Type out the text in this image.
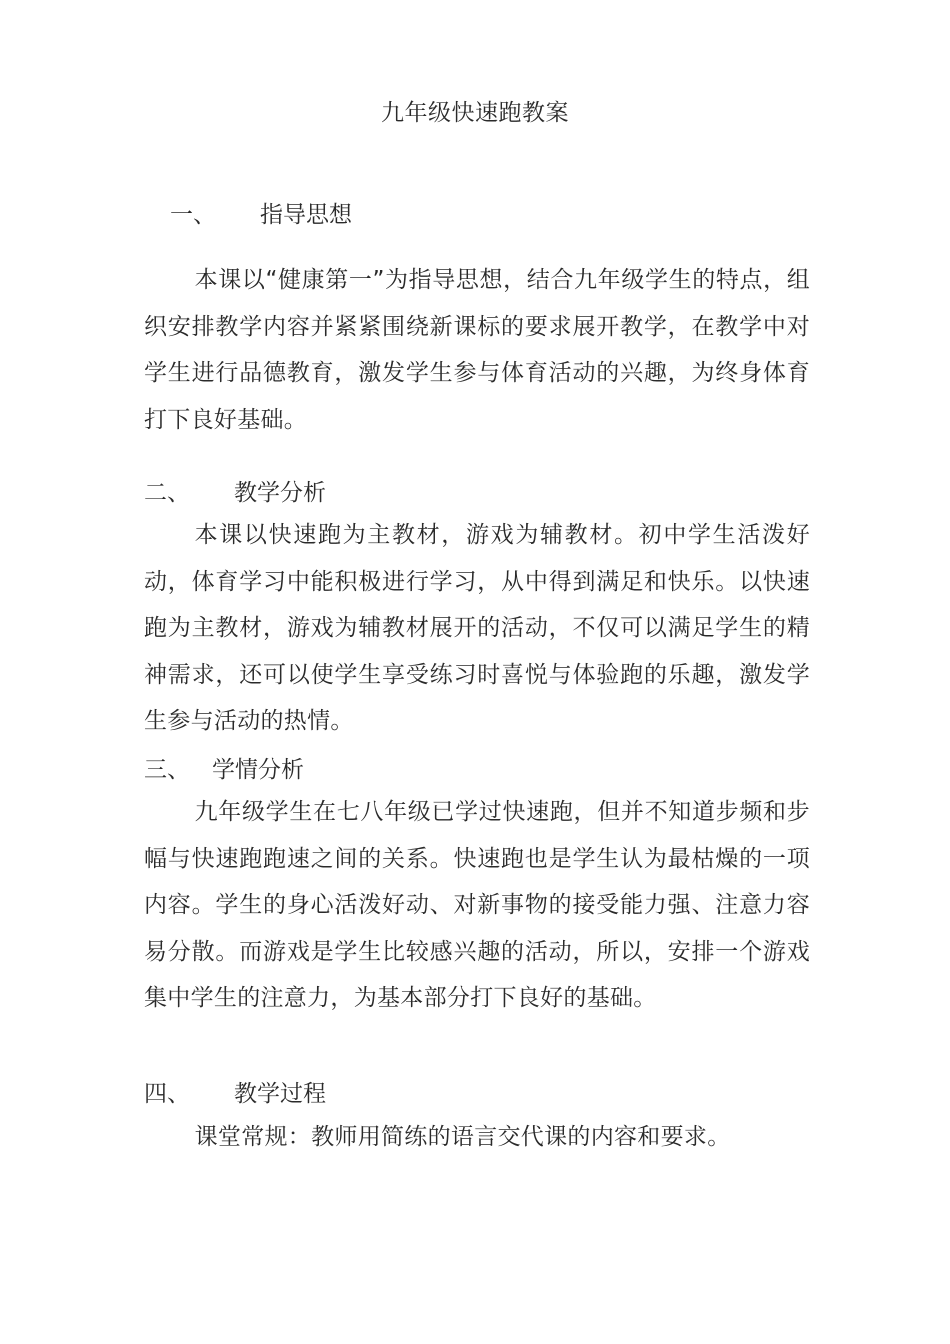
九年级快速跑教案
一、 指导思想
本课以“健康第一”为指导思想，结合九年级学生的特点，组织安排教学内容并紧紧围绕新课标的要求展开教学，在教学中对学生进行品德教育，激发学生参与体育活动的兴趣，为终身体育打下良好基础。
二、 教学分析
本课以快速跑为主教材，游戏为辅教材。初中学生活泼好动，体育学习中能积极进行学习，从中得到满足和快乐。以快速跑为主教材，游戏为辅教材展开的活动，不仅可以满足学生的精神需求，还可以使学生享受练习时喜悦与体验跑的乐趣，激发学生参与活动的热情。
三、 学情分析
九年级学生在七八年级已学过快速跑，但并不知道步频和步幅与快速跑跑速之间的关系。快速跑也是学生认为最枯燥的一项内容。学生的身心活泼好动、对新事物的接受能力强、注意力容易分散。而游戏是学生比较感兴趣的活动，所以，安排一个游戏集中学生的注意力，为基本部分打下良好的基础。
四、 教学过程
课堂常规：教师用简练的语言交代课的内容和要求。
